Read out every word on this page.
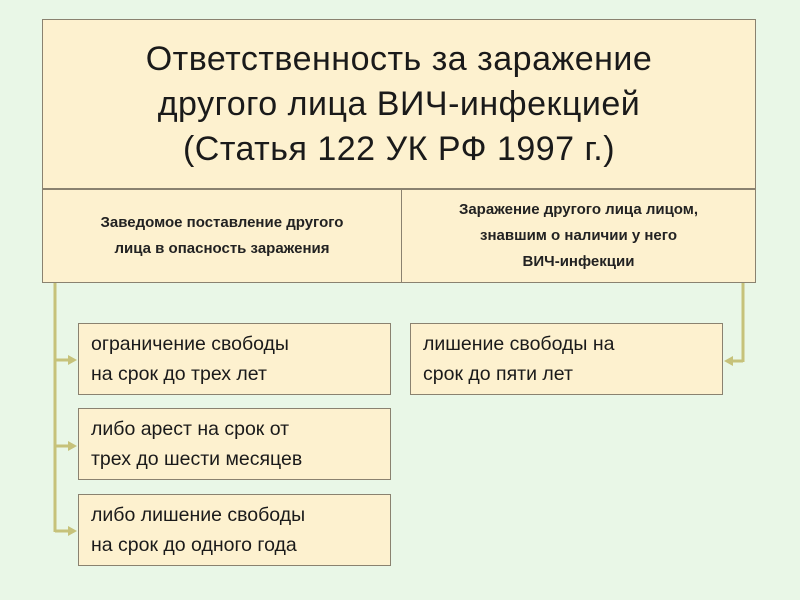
Ответственность за заражение
другого лица ВИЧ-инфекцией
(Статья 122 УК РФ 1997 г.)
Заведомое поставление другого
лица в опасность заражения
Заражение другого лица лицом,
знавшим о наличии у него
ВИЧ-инфекции
ограничение свободы
на срок до трех лет
либо арест на срок от
трех до шести месяцев
либо лишение свободы
на срок до одного года
лишение свободы на
срок до пяти лет
